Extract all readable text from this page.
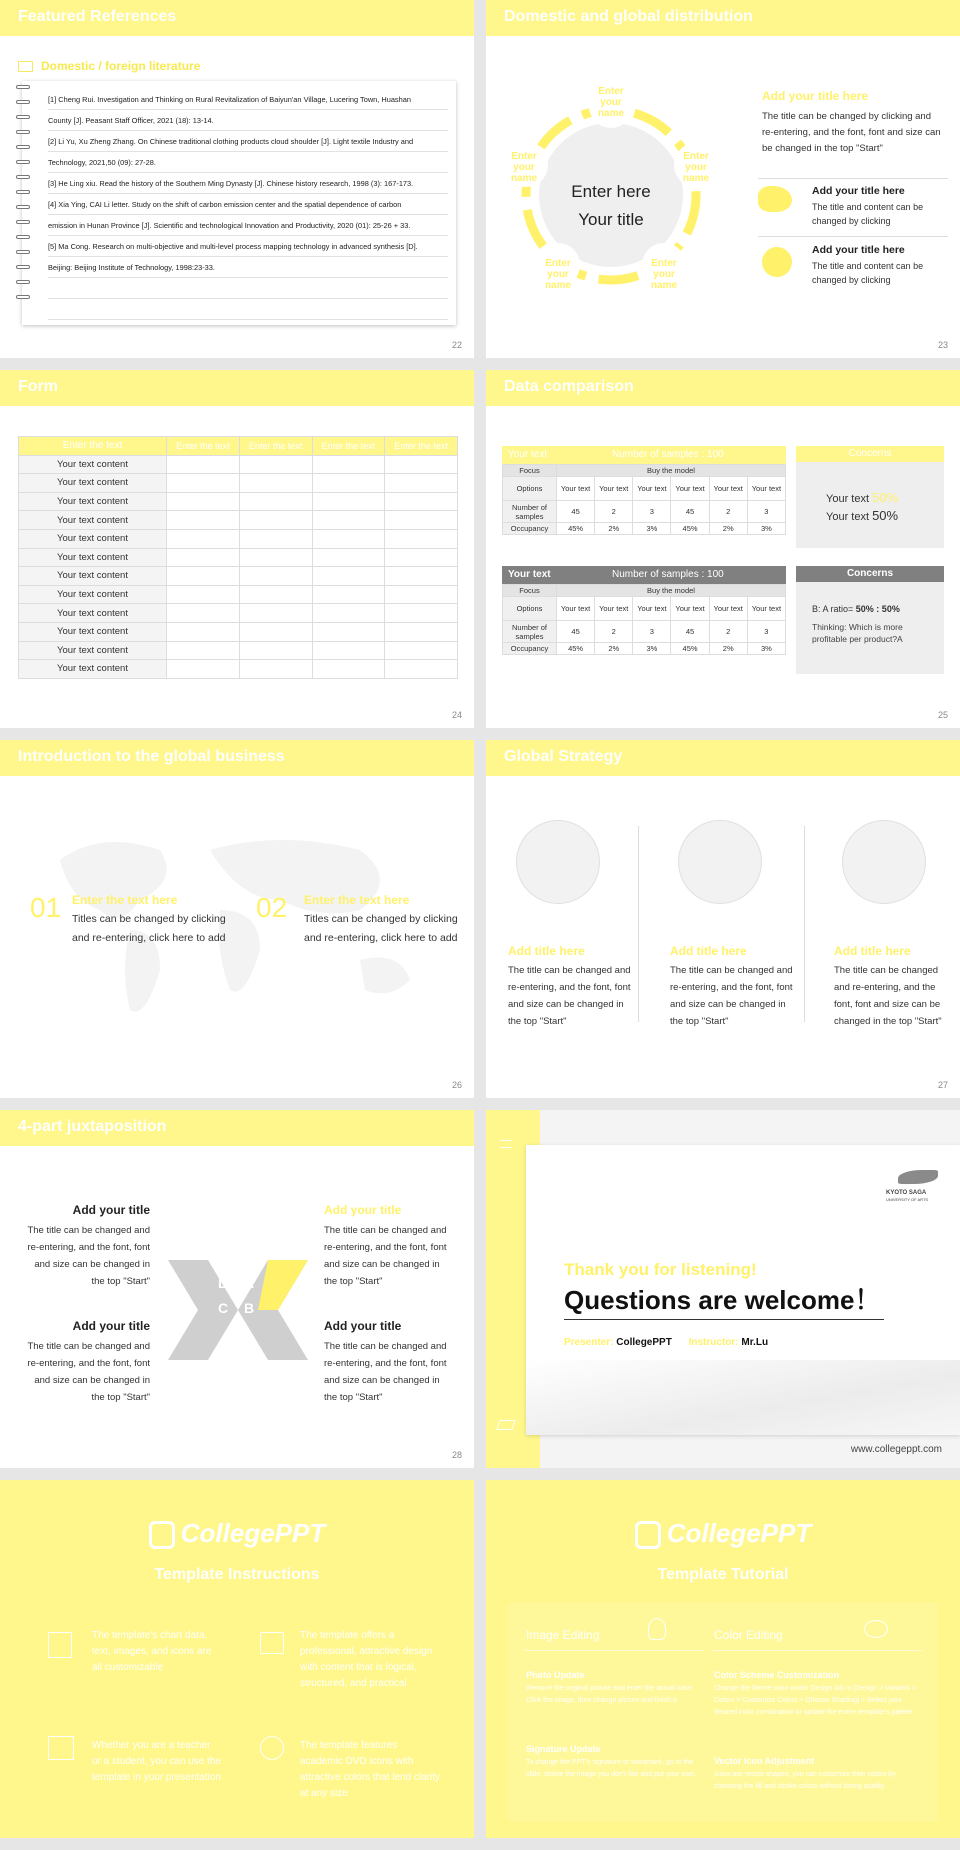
Featured References
Domestic / foreign literature
[1] Cheng Rui. Investigation and Thinking on Rural Revitalization of Baiyun'an Village, Lucering Town, Huashan
County [J]. Peasant Staff Officer, 2021 (18): 13-14.
[2] Li Yu, Xu Zheng Zhang. On Chinese traditional clothing products cloud shoulder [J]. Light textile Industry and
Technology, 2021,50 (09): 27-28.
[3] He Ling xiu. Read the history of the Southern Ming Dynasty [J]. Chinese history research, 1998 (3): 167-173.
[4] Xia Ying, CAI Li letter. Study on the shift of carbon emission center and the spatial dependence of carbon
emission in Hunan Province [J]. Scientific and technological Innovation and Productivity, 2020 (01): 25-26 + 33.
[5] Ma Cong. Research on multi-objective and multi-level process mapping technology in advanced synthesis [D].
Beijing: Beijing Institute of Technology, 1998:23-33.
22
Domestic and global distribution
Enter here
Your title
Enter your name
Enter your name
Enter your name
Enter your name
Enter your name
Add your title here
The title can be changed by clicking and re-entering, and the font, font and size can be changed in the top "Start"
Add your title here
The title and content can be changed by clicking
Add your title here
The title and content can be changed by clicking
23
Form
24
Enter the text	Enter the text	Enter the text	Enter the text	Enter the text
Your text content				
Your text content				
Your text content				
Your text content				
Your text content				
Your text content				
Your text content				
Your text content				
Your text content				
Your text content				
Your text content				
Your text content				
Data comparison
Your text	Number of samples : 100
Focus	Buy the model					
Options	Your text	Your text	Your text	Your text	Your text	Your text
Number of samples	45	2	3	45	2	3
Occupancy	45%	2%	3%	45%	2%	3%
Your text	Number of samples : 100
Focus	Buy the model					
Options	Your text	Your text	Your text	Your text	Your text	Your text
Number of samples	45	2	3	45	2	3
Occupancy	45%	2%	3%	45%	2%	3%
Concerns
Your text 50%
Your text 50%
Concerns
B: A ratio= 50% : 50%
Thinking: Which is more profitable per product?A
25
Introduction to the global business
01 Enter the text here
Titles can be changed by clicking and re-entering, click here to add
02 Enter the text here
Titles can be changed by clicking and re-entering, click here to add
26
Global Strategy
Add title here
The title can be changed and re-entering, and the font, font and size can be changed in the top "Start"
Add title here
The title can be changed and re-entering, and the font, font and size can be changed in the top "Start"
Add title here
The title can be changed and re-entering, and the font, font and size can be changed in the top "Start"
27
4-part juxtaposition
Add your title
The title can be changed and re-entering, and the font, font and size can be changed in the top "Start"
Add your title
The title can be changed and re-entering, and the font, font and size can be changed in the top "Start"
Add your title
The title can be changed and re-entering, and the font, font and size can be changed in the top "Start"
Add your title
The title can be changed and re-entering, and the font, font and size can be changed in the top "Start"
D A
C B
28
KYOTO SAGA
UNIVERSITY OF ARTS
Thank you for listening!
Questions are welcome！
Presenter: CollegePPT Instructor: Mr.Lu
www.collegeppt.com
CollegePPT
Template Instructions
The template's chart data, text, images, and icons are all customizable
The template offers a professional, attractive design with content that is logical, structured, and practical
Whether you are a teacher or a student, you can use the template in your presentation
The template features academic DVD icons with attractive colors that lend clarity at any size
CollegePPT
Template Tutorial
Image Editing	Color Editing
Photo Update
Remove the original picture and enter the actual case. Click the image, then change picture and finish it.
Signature Update
To change the PPT's signature or wordmark, go to the slide, delete the image you don't like and put your own.
Color Scheme Customization
Change the theme color under Design tab in [Design > Variants > Colors > Customize Colors > Choose Shading] > Select your desired color combination to update the entire template's palette.
Vector Icon Adjustment
Icons are vector shapes, you can customize their colors by choosing the fill and stroke colors without losing quality.
